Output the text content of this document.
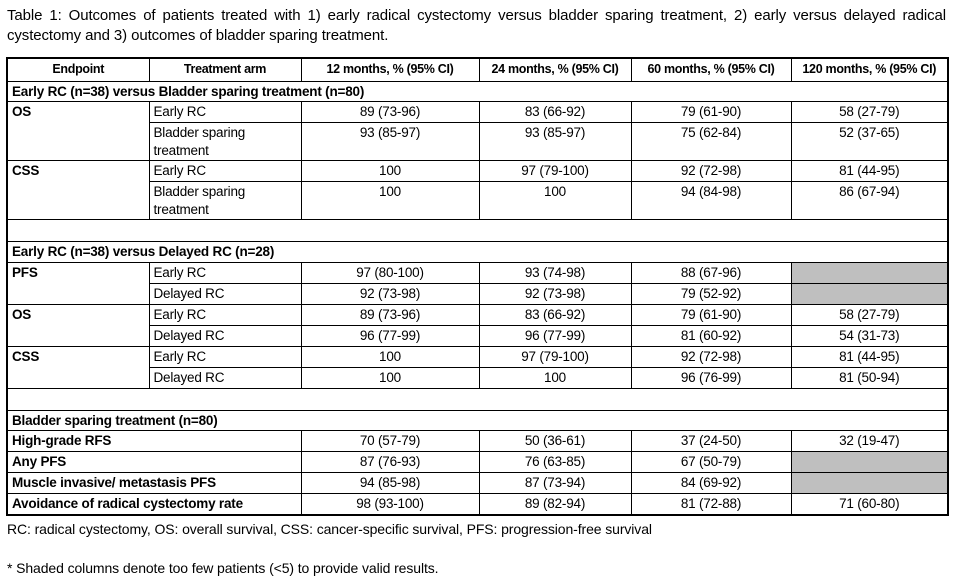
Table 1: Outcomes of patients treated with 1) early radical cystectomy versus bladder sparing treatment, 2) early versus delayed radical cystectomy and 3) outcomes of bladder sparing treatment.

Endpoint	Treatment arm	12 months, % (95% CI)	24 months, % (95% CI)	60 months, % (95% CI)	120 months, % (95% CI)
Early RC (n=38) versus Bladder sparing treatment (n=80)					
OS	Early RC	89 (73-96)	83 (66-92)	79 (61-90)	58 (27-79)
	Bladder sparing treatment	93 (85-97)	93 (85-97)	75 (62-84)	52 (37-65)
CSS	Early RC	100	97 (79-100)	92 (72-98)	81 (44-95)
	Bladder sparing treatment	100	100	94 (84-98)	86 (67-94)

Early RC (n=38) versus Delayed RC (n=28)					
PFS	Early RC	97 (80-100)	93 (74-98)	88 (67-96)	
	Delayed RC	92 (73-98)	92 (73-98)	79 (52-92)	
OS	Early RC	89 (73-96)	83 (66-92)	79 (61-90)	58 (27-79)
	Delayed RC	96 (77-99)	96 (77-99)	81 (60-92)	54 (31-73)
CSS	Early RC	100	97 (79-100)	92 (72-98)	81 (44-95)
	Delayed RC	100	100	96 (76-99)	81 (50-94)

Bladder sparing treatment (n=80)					
High-grade RFS		70 (57-79)	50 (36-61)	37 (24-50)	32 (19-47)
Any PFS		87 (76-93)	76 (63-85)	67 (50-79)	
Muscle invasive/ metastasis PFS		94 (85-98)	87 (73-94)	84 (69-92)	
Avoidance of radical cystectomy rate		98 (93-100)	89 (82-94)	81 (72-88)	71 (60-80)

RC: radical cystectomy, OS: overall survival, CSS: cancer-specific survival, PFS: progression-free survival

* Shaded columns denote too few patients (<5) to provide valid results.
